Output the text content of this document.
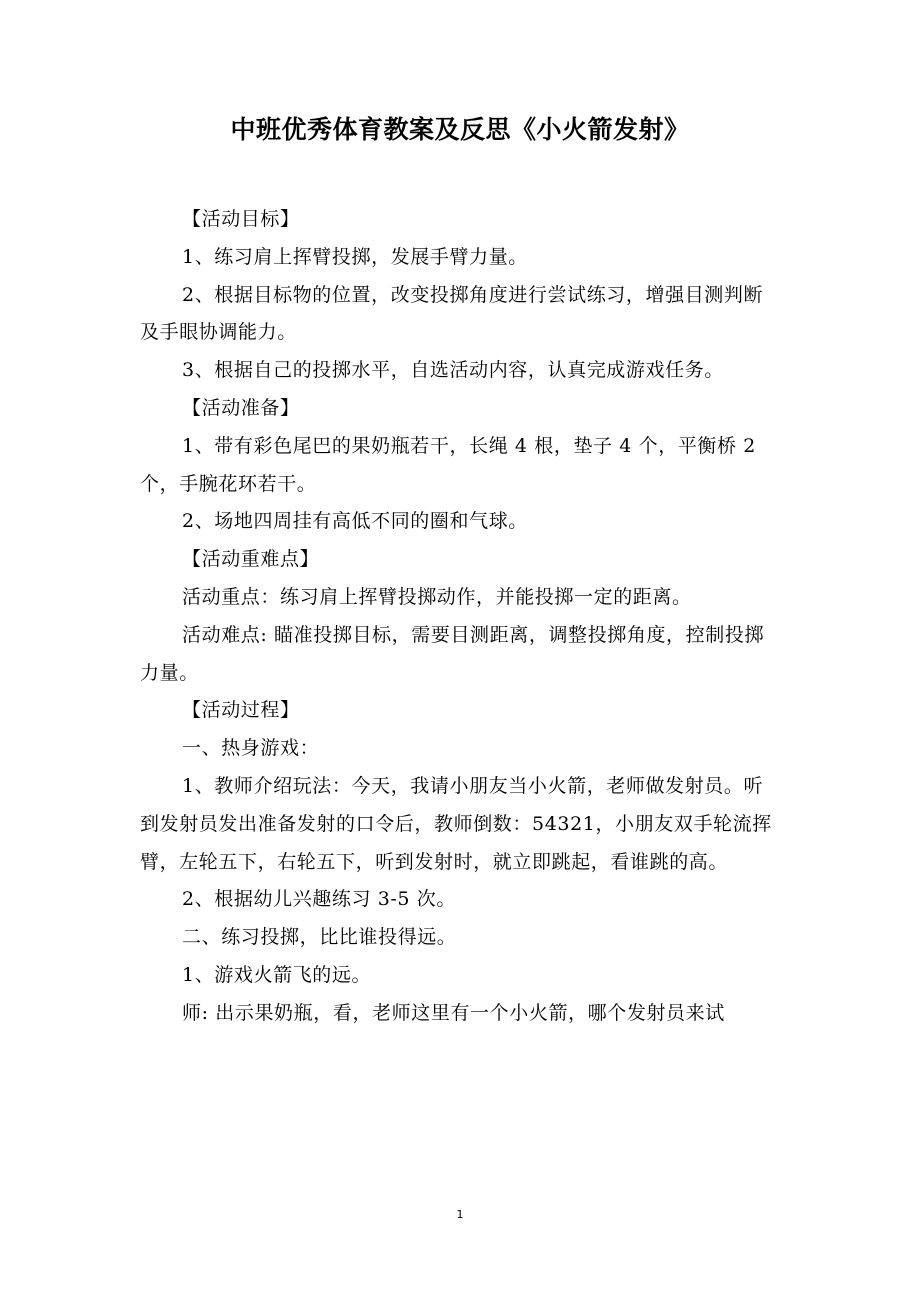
中班优秀体育教案及反思《小火箭发射》

【活动目标】

1、练习肩上挥臂投掷，发展手臂力量。

2、根据目标物的位置，改变投掷角度进行尝试练习，增强目测判断及手眼协调能力。

3、根据自己的投掷水平，自选活动内容，认真完成游戏任务。

【活动准备】

1、带有彩色尾巴的果奶瓶若干，长绳 4 根，垫子 4 个，平衡桥 2 个，手腕花环若干。

2、场地四周挂有高低不同的圈和气球。

【活动重难点】

活动重点：练习肩上挥臂投掷动作，并能投掷一定的距离。

活动难点: 瞄准投掷目标，需要目测距离，调整投掷角度，控制投掷力量。

【活动过程】

一、热身游戏：

1、教师介绍玩法：今天，我请小朋友当小火箭，老师做发射员。听到发射员发出准备发射的口令后，教师倒数：54321，小朋友双手轮流挥臂，左轮五下，右轮五下，听到发射时，就立即跳起，看谁跳的高。

2、根据幼儿兴趣练习 3-5 次。

二、练习投掷，比比谁投得远。

1、游戏火箭飞的远。

师: 出示果奶瓶，看，老师这里有一个小火箭，哪个发射员来试

1
